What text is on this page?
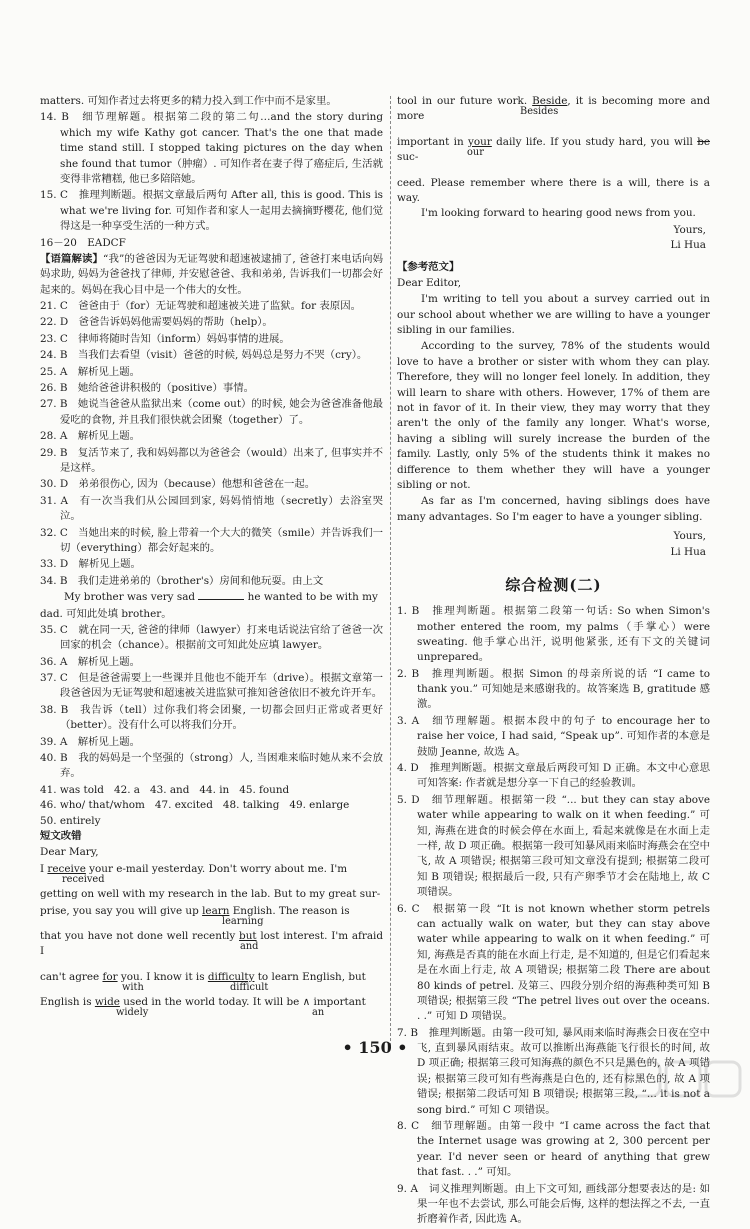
matters. 可知作者过去将更多的精力投入到工作中而不是家里。

14. B　细节理解题。根据第二段的第二句…and the story during which my wife Kathy got cancer. That's the one that made time stand still. I stopped taking pictures on the day when she found that tumor（肿瘤）. 可知作者在妻子得了癌症后, 生活就变得非常糟糕, 他已多陪陪她。

15. C　推理判断题。根据文章最后两句 After all, this is good. This is what we're living for. 可知作者和家人一起用去摘摘野樱花, 他们觉得这是一种享受生活的一种方式。

16－20　EADCF

【语篇解读】“我”的爸爸因为无证驾驶和超速被逮捕了, 爸爸打来电话向妈妈求助, 妈妈为爸爸找了律师, 并安慰爸爸、我和弟弟, 告诉我们一切都会好起来的。妈妈在我心目中是一个伟大的女性。

21. C　爸爸由于（for）无证驾驶和超速被关进了监狱。for 表原因。

22. D　爸爸告诉妈妈他需要妈妈的帮助（help）。

23. C　律师将随时告知（inform）妈妈事情的进展。

24. B　当我们去看望（visit）爸爸的时候, 妈妈总是努力不哭（cry）。

25. A　解析见上题。

26. B　她给爸爸讲积极的（positive）事情。

27. B　她说当爸爸从监狱出来（come out）的时候, 她会为爸爸准备他最爱吃的食物, 并且我们很快就会团聚（together）了。

28. A　解析见上题。

29. B　复活节来了, 我和妈妈都以为爸爸会（would）出来了, 但事实并不是这样。

30. D　弟弟很伤心, 因为（because）他想和爸爸在一起。

31. A　有一次当我们从公园回到家, 妈妈悄悄地（secretly）去浴室哭泣。

32. C　当她出来的时候, 脸上带着一个大大的微笑（smile）并告诉我们一切（everything）都会好起来的。

33. D　解析见上题。

34. B　我们走进弟弟的（brother's）房间和他玩耍。由上文

My brother was very sad	he wanted to be with my

dad. 可知此处填 brother。

35. C　就在同一天, 爸爸的律师（lawyer）打来电话说法官给了爸爸一次回家的机会（chance）。根据前文可知此处应填 lawyer。

36. A　解析见上题。

37. C　但是爸爸需要上一些课并且他也不能开车（drive）。根据文章第一段爸爸因为无证驾驶和超速被关进监狱可推知爸爸依旧不被允许开车。

38. B　我告诉（tell）过你我们将会团聚, 一切都会回归正常或者更好（better）。没有什么可以将我们分开。

39. A　解析见上题。

40. B　我的妈妈是一个坚强的（strong）人, 当困难来临时她从来不会放弃。

41. was told 42. a 43. and 44. in 45. found
46. who/ that/whom 47. excited 48. talking 49. enlarge
50. entirely

短文改错

Dear Mary,

I receive your e-mail yesterday. Don't worry about me. I'm
received

getting on well with my research in the lab. But to my great sur-

prise, you say you will give up learn English. The reason is
learning

that you have not done well recently but lost interest. I'm afraid I	and

can't agree for you. I know it is difficulty to learn English, but
with	difficult

English is wide used in the world today. It will be ∧ important
widely	an

tool in our future work. Beside, it is becoming more and more	Besides

important in your daily life. If you study hard, you will be suc-	our

ceed. Please remember where there is a will, there is a way.

I'm looking forward to hearing good news from you.

Yours,

Li Hua

【参考范文】

Dear Editor,

I'm writing to tell you about a survey carried out in our school about whether we are willing to have a younger sibling in our families.

According to the survey, 78% of the students would love to have a brother or sister with whom they can play. Therefore, they will no longer feel lonely. In addition, they will learn to share with others. However, 17% of them are not in favor of it. In their view, they may worry that they aren't the only of the family any longer. What's worse, having a sibling will surely increase the burden of the family. Lastly, only 5% of the students think it makes no difference to them whether they will have a younger sibling or not.

As far as I'm concerned, having siblings does have many advantages. So I'm eager to have a younger sibling.

Yours,

Li Hua

综合检测(二)

1. B　推理判断题。根据第二段第一句话: So when Simon's mother entered the room, my palms（手掌心）were sweating. 他手掌心出汗, 说明他紧张, 还有下文的关键词 unprepared。

2. B　推理判断题。根据 Simon 的母亲所说的话 “I came to thank you.” 可知她是来感谢我的。故答案选 B, gratitude 感激。

3. A　细节理解题。根据本段中的句子 to encourage her to raise her voice, I had said, “Speak up”. 可知作者的本意是鼓励 Jeanne, 故选 A。

4. D　推理判断题。根据文章最后两段可知 D 正确。本文中心意思可知答案: 作者就是想分享一下自己的经验教训。

5. D　细节理解题。根据第一段 “... but they can stay above water while appearing to walk on it when feeding.” 可知, 海燕在进食的时候会停在水面上, 看起来就像是在水面上走一样, 故 D 项正确。根据第一段可知暴风雨来临时海燕会在空中飞, 故 A 项错误; 根据第三段可知文章没有提到; 根据第二段可知 B 项错误; 根据最后一段, 只有产卵季节才会在陆地上, 故 C 项错误。

6. C　根据第一段 “It is not known whether storm petrels can actually walk on water, but they can stay above water while appearing to walk on it when feeding.” 可知, 海燕是否真的能在水面上行走, 是不知道的, 但是它们看起来是在水面上行走, 故 A 项错误; 根据第二段 There are about 80 kinds of petrel. 及第三、四段分别介绍的海燕种类可知 B 项错误; 根据第三段 “The petrel lives out over the oceans. . .” 可知 D 项错误。

7. B　推理判断题。由第一段可知, 暴风雨来临时海燕会日夜在空中飞, 直到暴风雨结束。故可以推断出海燕能飞行很长的时间, 故 D 项正确; 根据第三段可知海燕的颜色不只是黑色的, 故 A 项错误; 根据第三段可知有些海燕是白色的, 还有棕黑色的, 故 A 项错误; 根据第二段话可知 B 项错误; 根据第三段, “... it is not a song bird.” 可知 C 项错误。

8. C　细节理解题。由第一段中 “I came across the fact that the Internet usage was growing at 2, 300 percent per year. I'd never seen or heard of anything that grew that fast. . .” 可知。

9. A　词义推理判断题。由上下文可知, 画线部分想要表达的是: 如果一年也不去尝试, 那么可能会后悔, 这样的想法挥之不去, 一直折磨着作者, 因此选 A。

• 150 •
